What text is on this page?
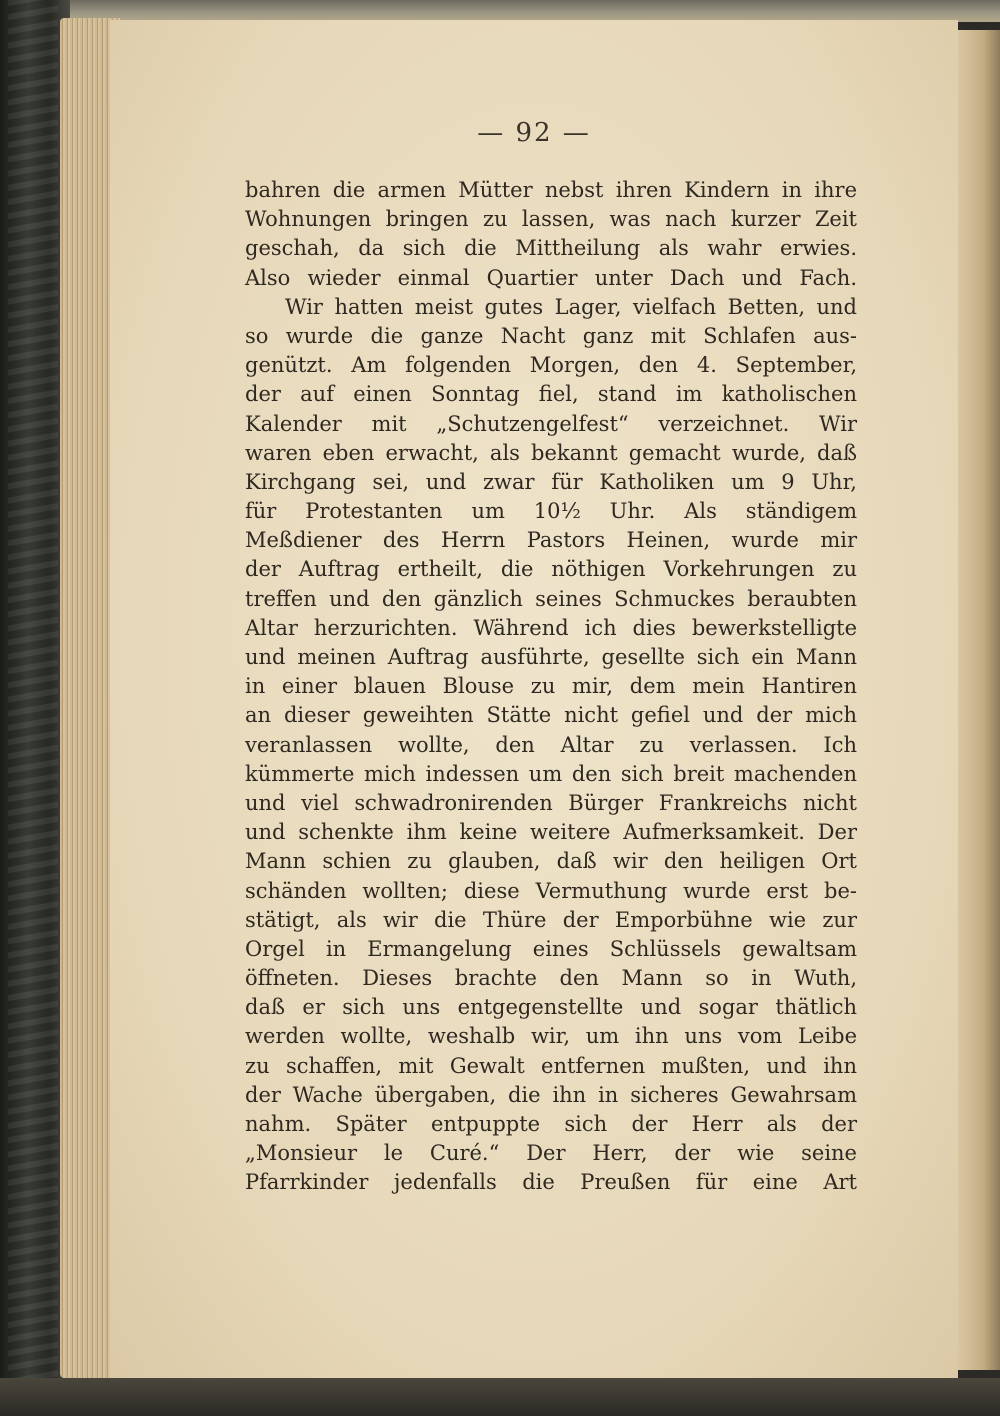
— 92 —
bahren die armen Mütter nebst ihren Kindern in ihre
Wohnungen bringen zu lassen, was nach kurzer Zeit
geschah, da sich die Mittheilung als wahr erwies.
Also wieder einmal Quartier unter Dach und Fach.
Wir hatten meist gutes Lager, vielfach Betten, und
so wurde die ganze Nacht ganz mit Schlafen aus-
genützt. Am folgenden Morgen, den 4. September,
der auf einen Sonntag fiel, stand im katholischen
Kalender mit „Schutzengelfest“ verzeichnet. Wir
waren eben erwacht, als bekannt gemacht wurde, daß
Kirchgang sei, und zwar für Katholiken um 9 Uhr,
für Protestanten um 10½ Uhr. Als ständigem
Meßdiener des Herrn Pastors Heinen, wurde mir
der Auftrag ertheilt, die nöthigen Vorkehrungen zu
treffen und den gänzlich seines Schmuckes beraubten
Altar herzurichten. Während ich dies bewerkstelligte
und meinen Auftrag ausführte, gesellte sich ein Mann
in einer blauen Blouse zu mir, dem mein Hantiren
an dieser geweihten Stätte nicht gefiel und der mich
veranlassen wollte, den Altar zu verlassen. Ich
kümmerte mich indessen um den sich breit machenden
und viel schwadronirenden Bürger Frankreichs nicht
und schenkte ihm keine weitere Aufmerksamkeit. Der
Mann schien zu glauben, daß wir den heiligen Ort
schänden wollten; diese Vermuthung wurde erst be-
stätigt, als wir die Thüre der Emporbühne wie zur
Orgel in Ermangelung eines Schlüssels gewaltsam
öffneten. Dieses brachte den Mann so in Wuth,
daß er sich uns entgegenstellte und sogar thätlich
werden wollte, weshalb wir, um ihn uns vom Leibe
zu schaffen, mit Gewalt entfernen mußten, und ihn
der Wache übergaben, die ihn in sicheres Gewahrsam
nahm. Später entpuppte sich der Herr als der
„Monsieur le Curé.“ Der Herr, der wie seine
Pfarrkinder jedenfalls die Preußen für eine Art
